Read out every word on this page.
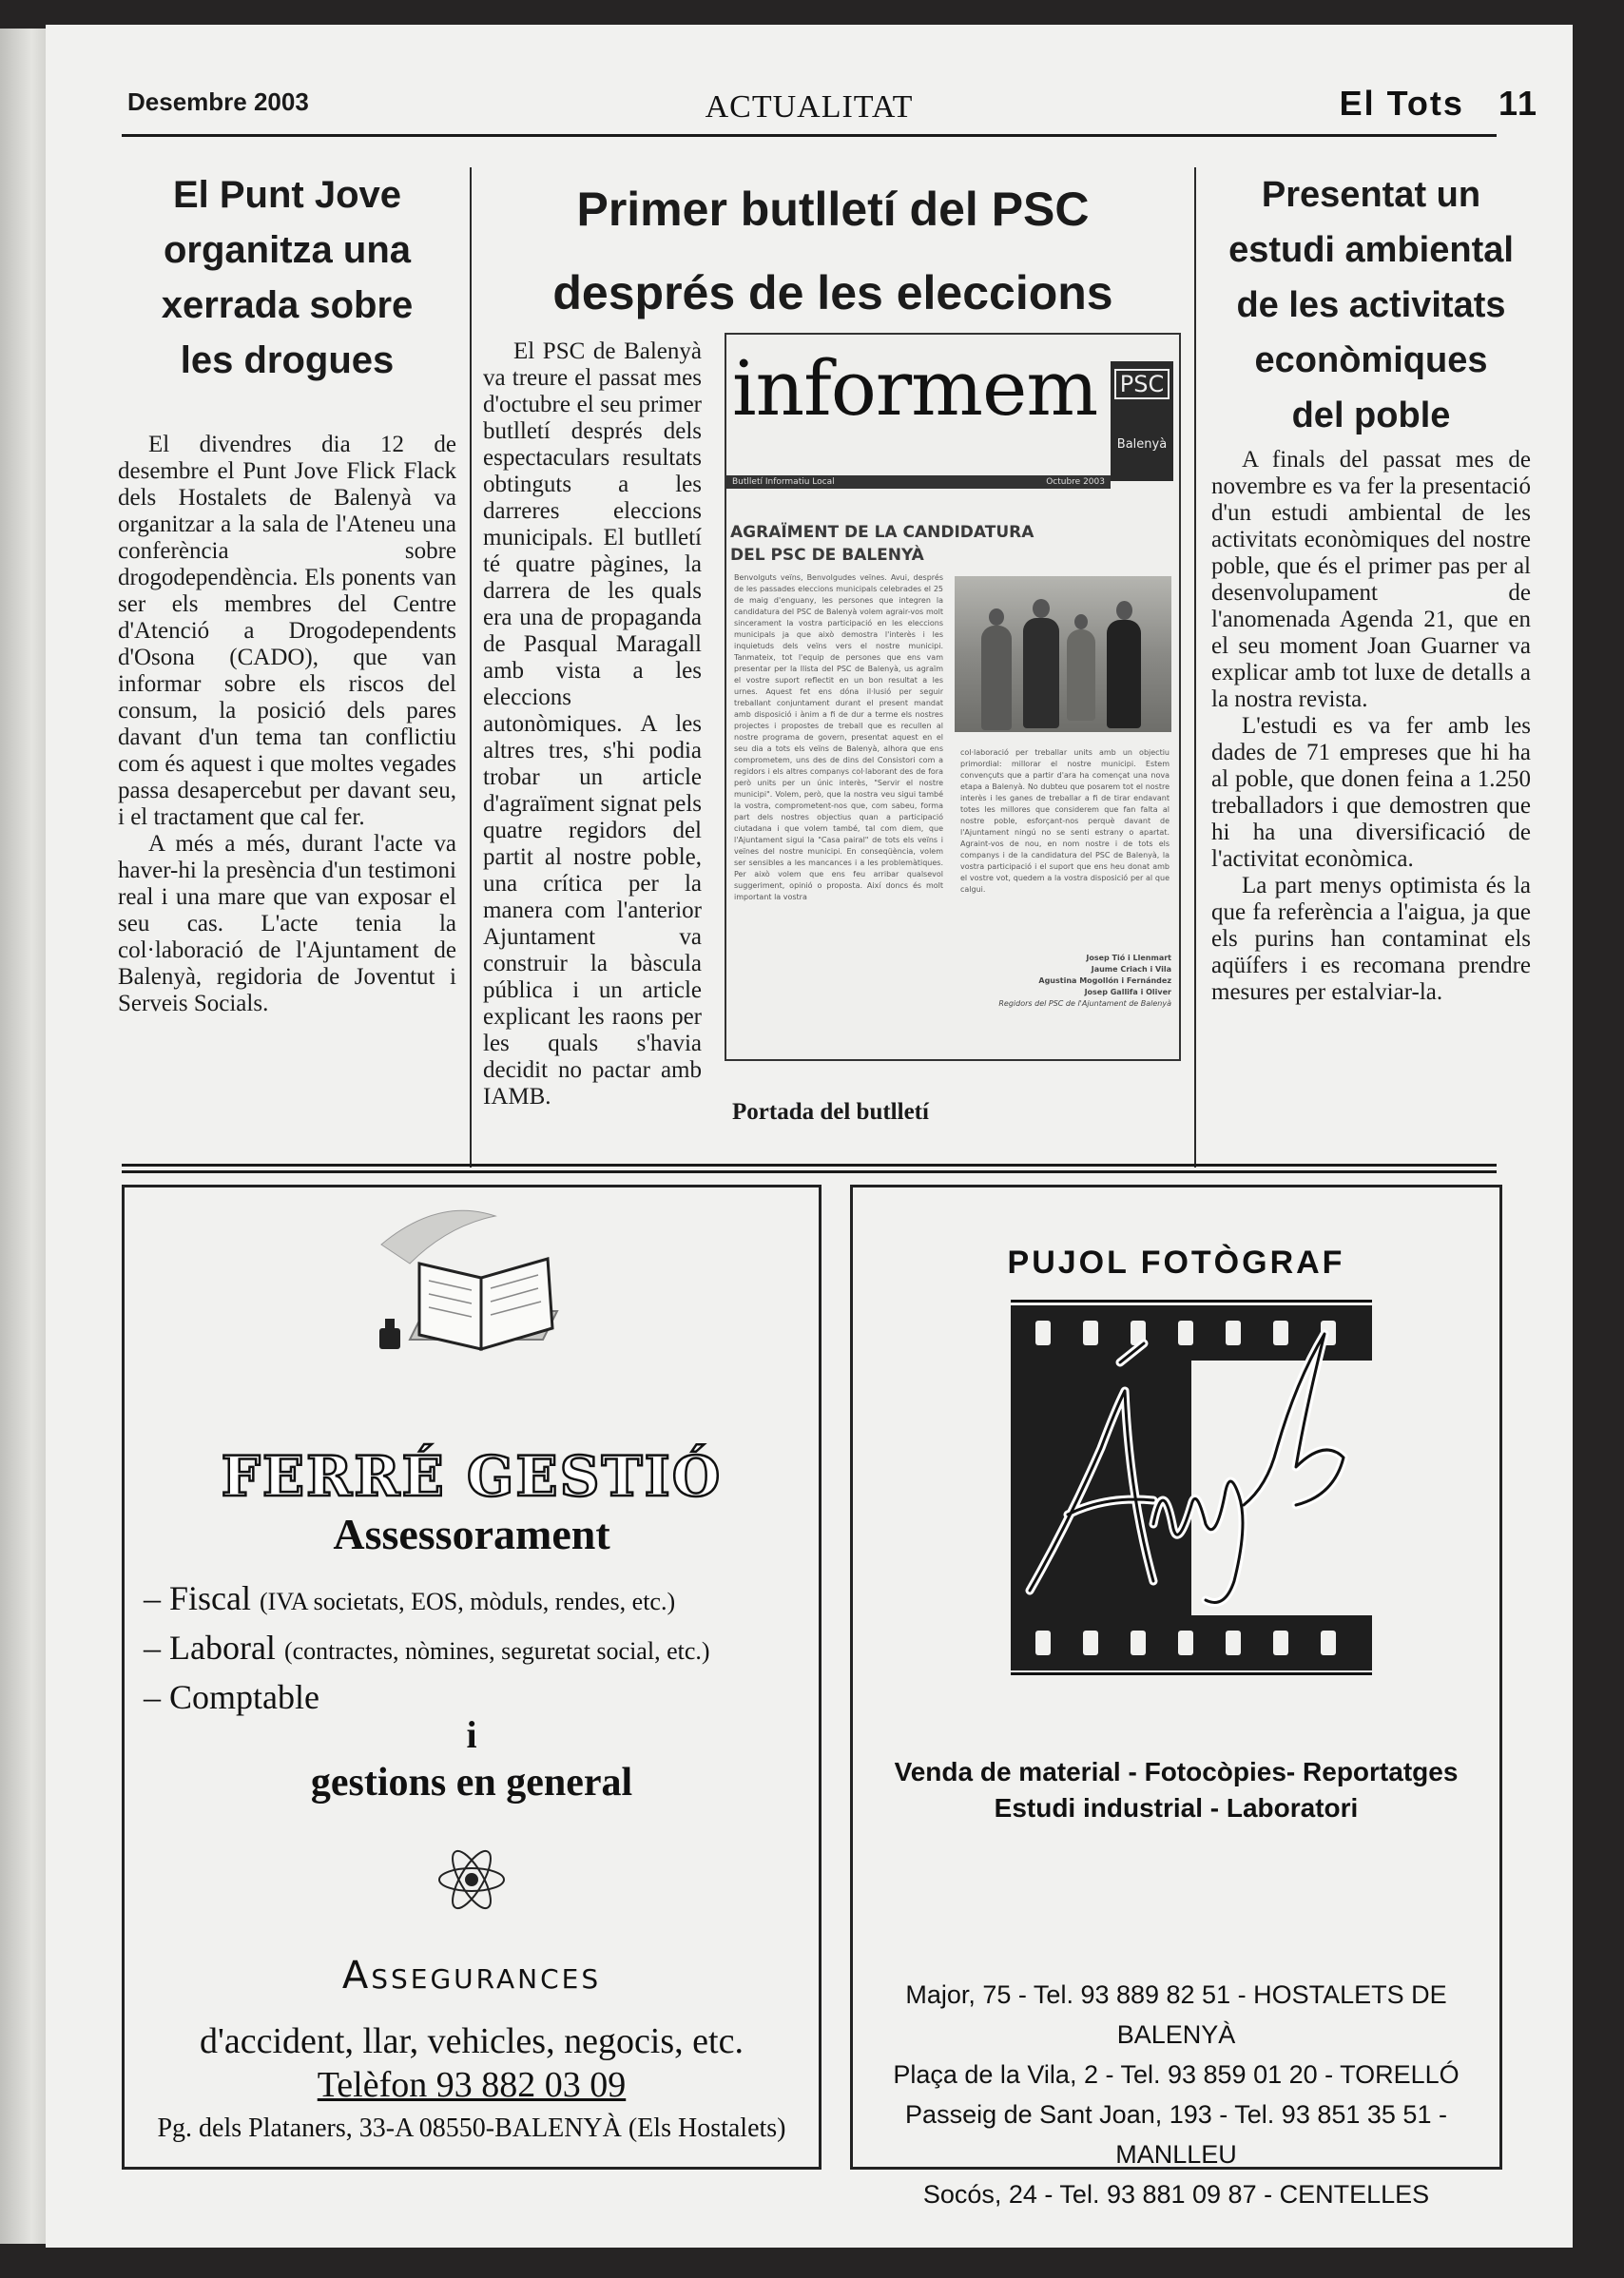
Desembre 2003	ACTUALITAT	El Tots 11
El Punt Jove
organitza una
xerrada sobre
les drogues

El divendres dia 12 de desembre el Punt Jove Flick Flack dels Hostalets de Balenyà va organitzar a la sala de l'Ateneu una conferència sobre drogodependència. Els ponents van ser els membres del Centre d'Atenció a Drogodependents d'Osona (CADO), que van informar sobre els riscos del consum, la posició dels pares davant d'un tema tan conflictiu com és aquest i que moltes vegades passa desapercebut per davant seu, i el tractament que cal fer.

A més a més, durant l'acte va haver-hi la presència d'un testimoni real i una mare que van exposar el seu cas. L'acte tenia la col·laboració de l'Ajuntament de Balenyà, regidoria de Joventut i Serveis Socials.

Primer butlletí del PSC
després de les eleccions

El PSC de Balenyà va treure el passat mes d'octubre el seu primer butlletí després dels espectaculars resultats obtinguts a les darreres eleccions municipals. El butlletí té quatre pàgines, la darrera de les quals era una de propaganda de Pasqual Maragall amb vista a les eleccions autonòmiques. A les altres tres, s'hi podia trobar un article d'agraïment signat pels quatre regidors del partit al nostre poble, una crítica per la manera com l'anterior Ajuntament va construir la bàscula pública i un article explicant les raons per les quals s'havia decidit no pactar amb IAMB.

informem PSC
Balenyà
Butlletí Informatiu Local	Octubre 2003
AGRAÏMENT DE LA CANDIDATURA
DEL PSC DE BALENYÀ
Benvolguts veïns, Benvolgudes veïnes. Avui, després de les passades eleccions municipals celebrades el 25 de maig d'enguany, les persones que integren la candidatura del PSC de Balenyà volem agrair-vos molt sincerament la vostra participació en les eleccions municipals ja que això demostra l'interès i les inquietuds dels veïns vers el nostre municipi. Tanmateix, tot l'equip de persones que ens vam presentar per la llista del PSC de Balenyà, us agraïm el vostre suport reflectit en un bon resultat a les urnes. Aquest fet ens dóna il·lusió per seguir treballant conjuntament durant el present mandat amb disposició i ànim a fi de dur a terme els nostres projectes i propostes de treball que es recullen al nostre programa de govern, presentat aquest en el seu dia a tots els veïns de Balenyà, alhora que ens comprometem, uns des de dins del Consistori com a regidors i els altres companys col·laborant des de fora però units per un únic interès, "Servir el nostre municipi". Volem, però, que la nostra veu sigui també la vostra, comprometent-nos que, com sabeu, forma part dels nostres objectius quan a participació ciutadana i que volem també, tal com diem, que l'Ajuntament sigui la "Casa pairal" de tots els veïns i veïnes del nostre municipi. En conseqüència, volem ser sensibles a les mancances i a les problemàtiques. Per això volem que ens feu arribar qualsevol suggeriment, opinió o proposta. Així doncs és molt important la vostra
col·laboració per treballar units amb un objectiu primordial: millorar el nostre municipi. Estem convençuts que a partir d'ara ha començat una nova etapa a Balenyà. No dubteu que posarem tot el nostre interès i les ganes de treballar a fi de tirar endavant totes les millores que considerem que fan falta al nostre poble, esforçant-nos perquè davant de l'Ajuntament ningú no se senti estrany o apartat. Agraint-vos de nou, en nom nostre i de tots els companys i de la candidatura del PSC de Balenyà, la vostra participació i el suport que ens heu donat amb el vostre vot, quedem a la vostra disposició per al que calgui.
Josep Tió i Llenmart
Jaume Criach i Vila
Agustina Mogollón i Fernández
Josep Gallifa i Oliver
Regidors del PSC de l'Ajuntament de Balenyà
Portada del butlletí
Presentat un
estudi ambiental
de les activitats
econòmiques
del poble

A finals del passat mes de novembre es va fer la presentació d'un estudi ambiental de les activitats econòmiques del nostre poble, que és el primer pas per al desenvolupament de l'anomenada Agenda 21, que en el seu moment Joan Guarner va explicar amb tot luxe de detalls a la nostra revista.

L'estudi es va fer amb les dades de 71 empreses que hi ha al poble, que donen feina a 1.250 treballadors i que demostren que hi ha una diversificació de l'activitat econòmica.

La part menys optimista és la que fa referència a l'aigua, ja que els purins han contaminat els aqüífers i es recomana prendre mesures per estalviar-la.

FERRÉ GESTIÓ
Assessorament
– Fiscal (IVA societats, EOS, mòduls, rendes, etc.)
– Laboral (contractes, nòmines, seguretat social, etc.)
– Comptable
i
gestions en general
Assegurances
d'accident, llar, vehicles, negocis, etc.
Telèfon 93 882 03 09
Pg. dels Plataners, 33-A 08550-BALENYÀ (Els Hostalets)
PUJOL FOTÒGRAF
Venda de material - Fotocòpies- Reportatges
Estudi industrial - Laboratori
Major, 75 - Tel. 93 889 82 51 - HOSTALETS DE BALENYÀ
Plaça de la Vila, 2 - Tel. 93 859 01 20 - TORELLÓ
Passeig de Sant Joan, 193 - Tel. 93 851 35 51 - MANLLEU
Socós, 24 - Tel. 93 881 09 87 - CENTELLES
